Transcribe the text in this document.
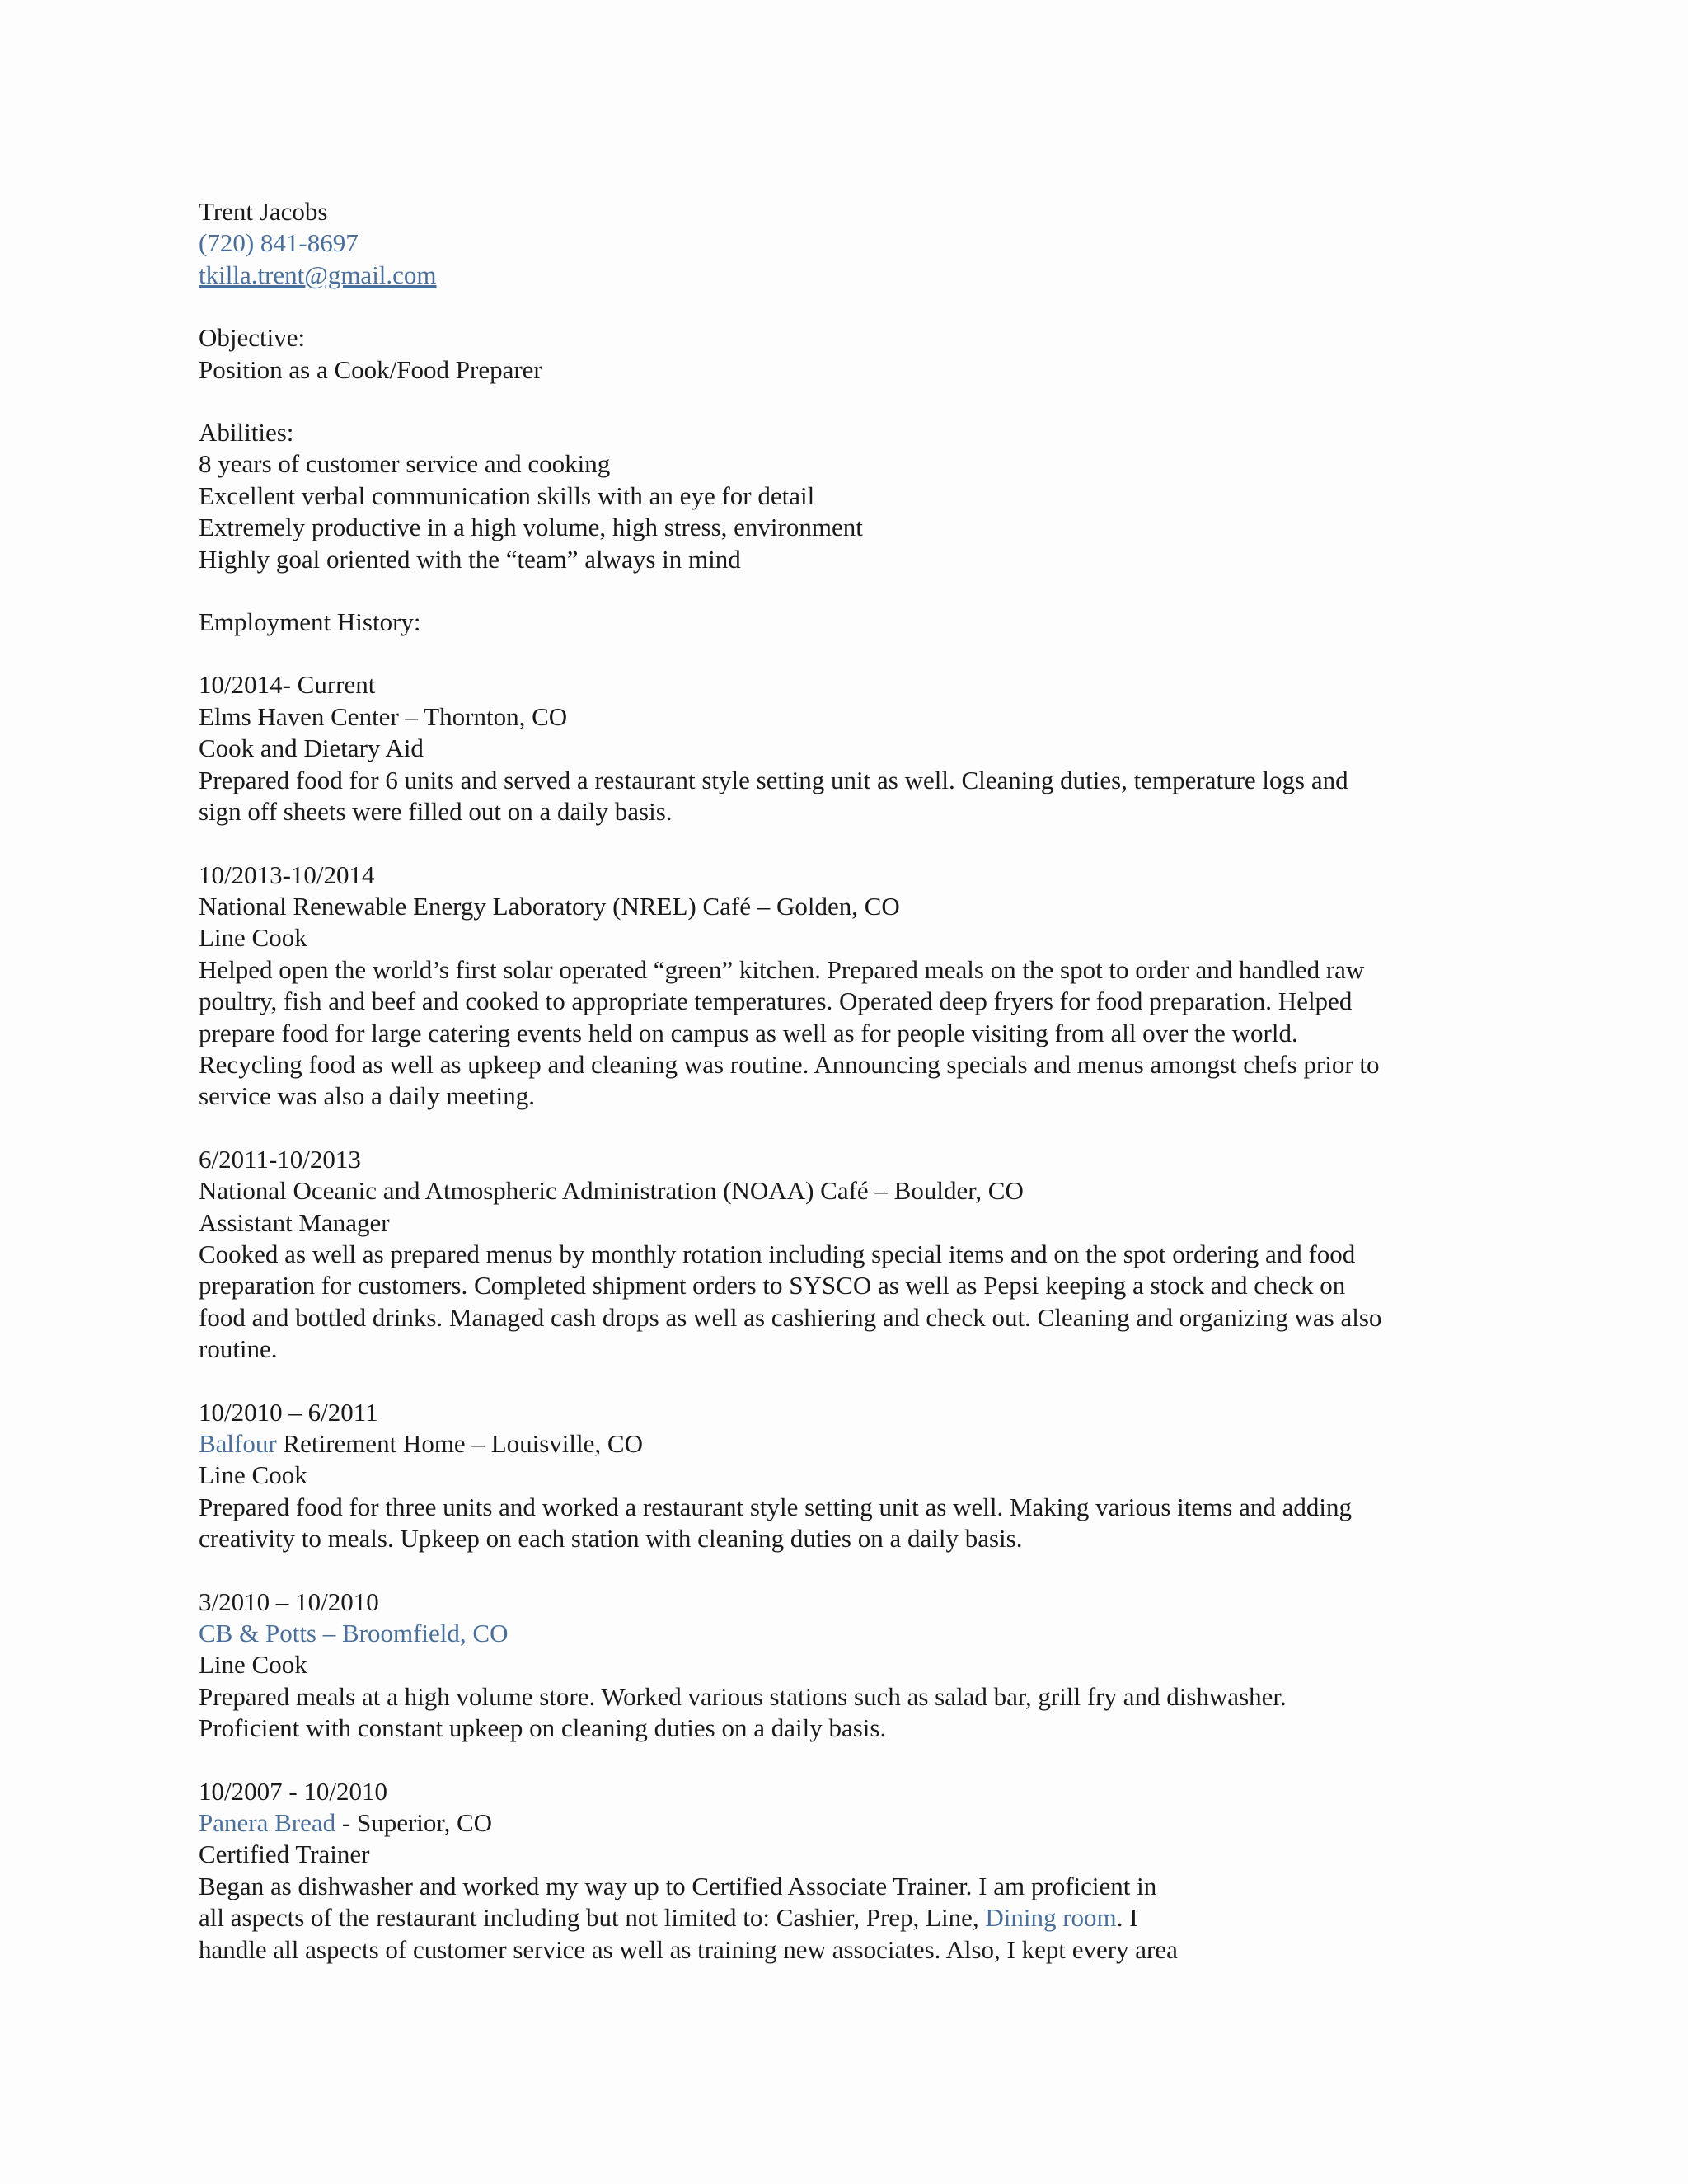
Trent Jacobs

(720) 841-8697

tkilla.trent@gmail.com

Objective:

Position as a Cook/Food Preparer

Abilities:

8 years of customer service and cooking

Excellent verbal communication skills with an eye for detail

Extremely productive in a high volume, high stress, environment

Highly goal oriented with the “team” always in mind

Employment History:

10/2014- Current

Elms Haven Center – Thornton, CO

Cook and Dietary Aid

Prepared food for 6 units and served a restaurant style setting unit as well. Cleaning duties, temperature logs and

sign off sheets were filled out on a daily basis.

10/2013-10/2014

National Renewable Energy Laboratory (NREL) Café – Golden, CO

Line Cook

Helped open the world’s first solar operated “green” kitchen. Prepared meals on the spot to order and handled raw

poultry, fish and beef and cooked to appropriate temperatures. Operated deep fryers for food preparation. Helped

prepare food for large catering events held on campus as well as for people visiting from all over the world.

Recycling food as well as upkeep and cleaning was routine. Announcing specials and menus amongst chefs prior to

service was also a daily meeting.

6/2011-10/2013

National Oceanic and Atmospheric Administration (NOAA) Café – Boulder, CO

Assistant Manager

Cooked as well as prepared menus by monthly rotation including special items and on the spot ordering and food

preparation for customers. Completed shipment orders to SYSCO as well as Pepsi keeping a stock and check on

food and bottled drinks. Managed cash drops as well as cashiering and check out. Cleaning and organizing was also

routine.

10/2010 – 6/2011

Balfour Retirement Home – Louisville, CO

Line Cook

Prepared food for three units and worked a restaurant style setting unit as well. Making various items and adding

creativity to meals. Upkeep on each station with cleaning duties on a daily basis.

3/2010 – 10/2010

CB & Potts – Broomfield, CO

Line Cook

Prepared meals at a high volume store. Worked various stations such as salad bar, grill fry and dishwasher.

Proficient with constant upkeep on cleaning duties on a daily basis.

10/2007 - 10/2010

Panera Bread - Superior, CO

Certified Trainer

Began as dishwasher and worked my way up to Certified Associate Trainer. I am proficient in

all aspects of the restaurant including but not limited to: Cashier, Prep, Line, Dining room. I

handle all aspects of customer service as well as training new associates. Also, I kept every area
